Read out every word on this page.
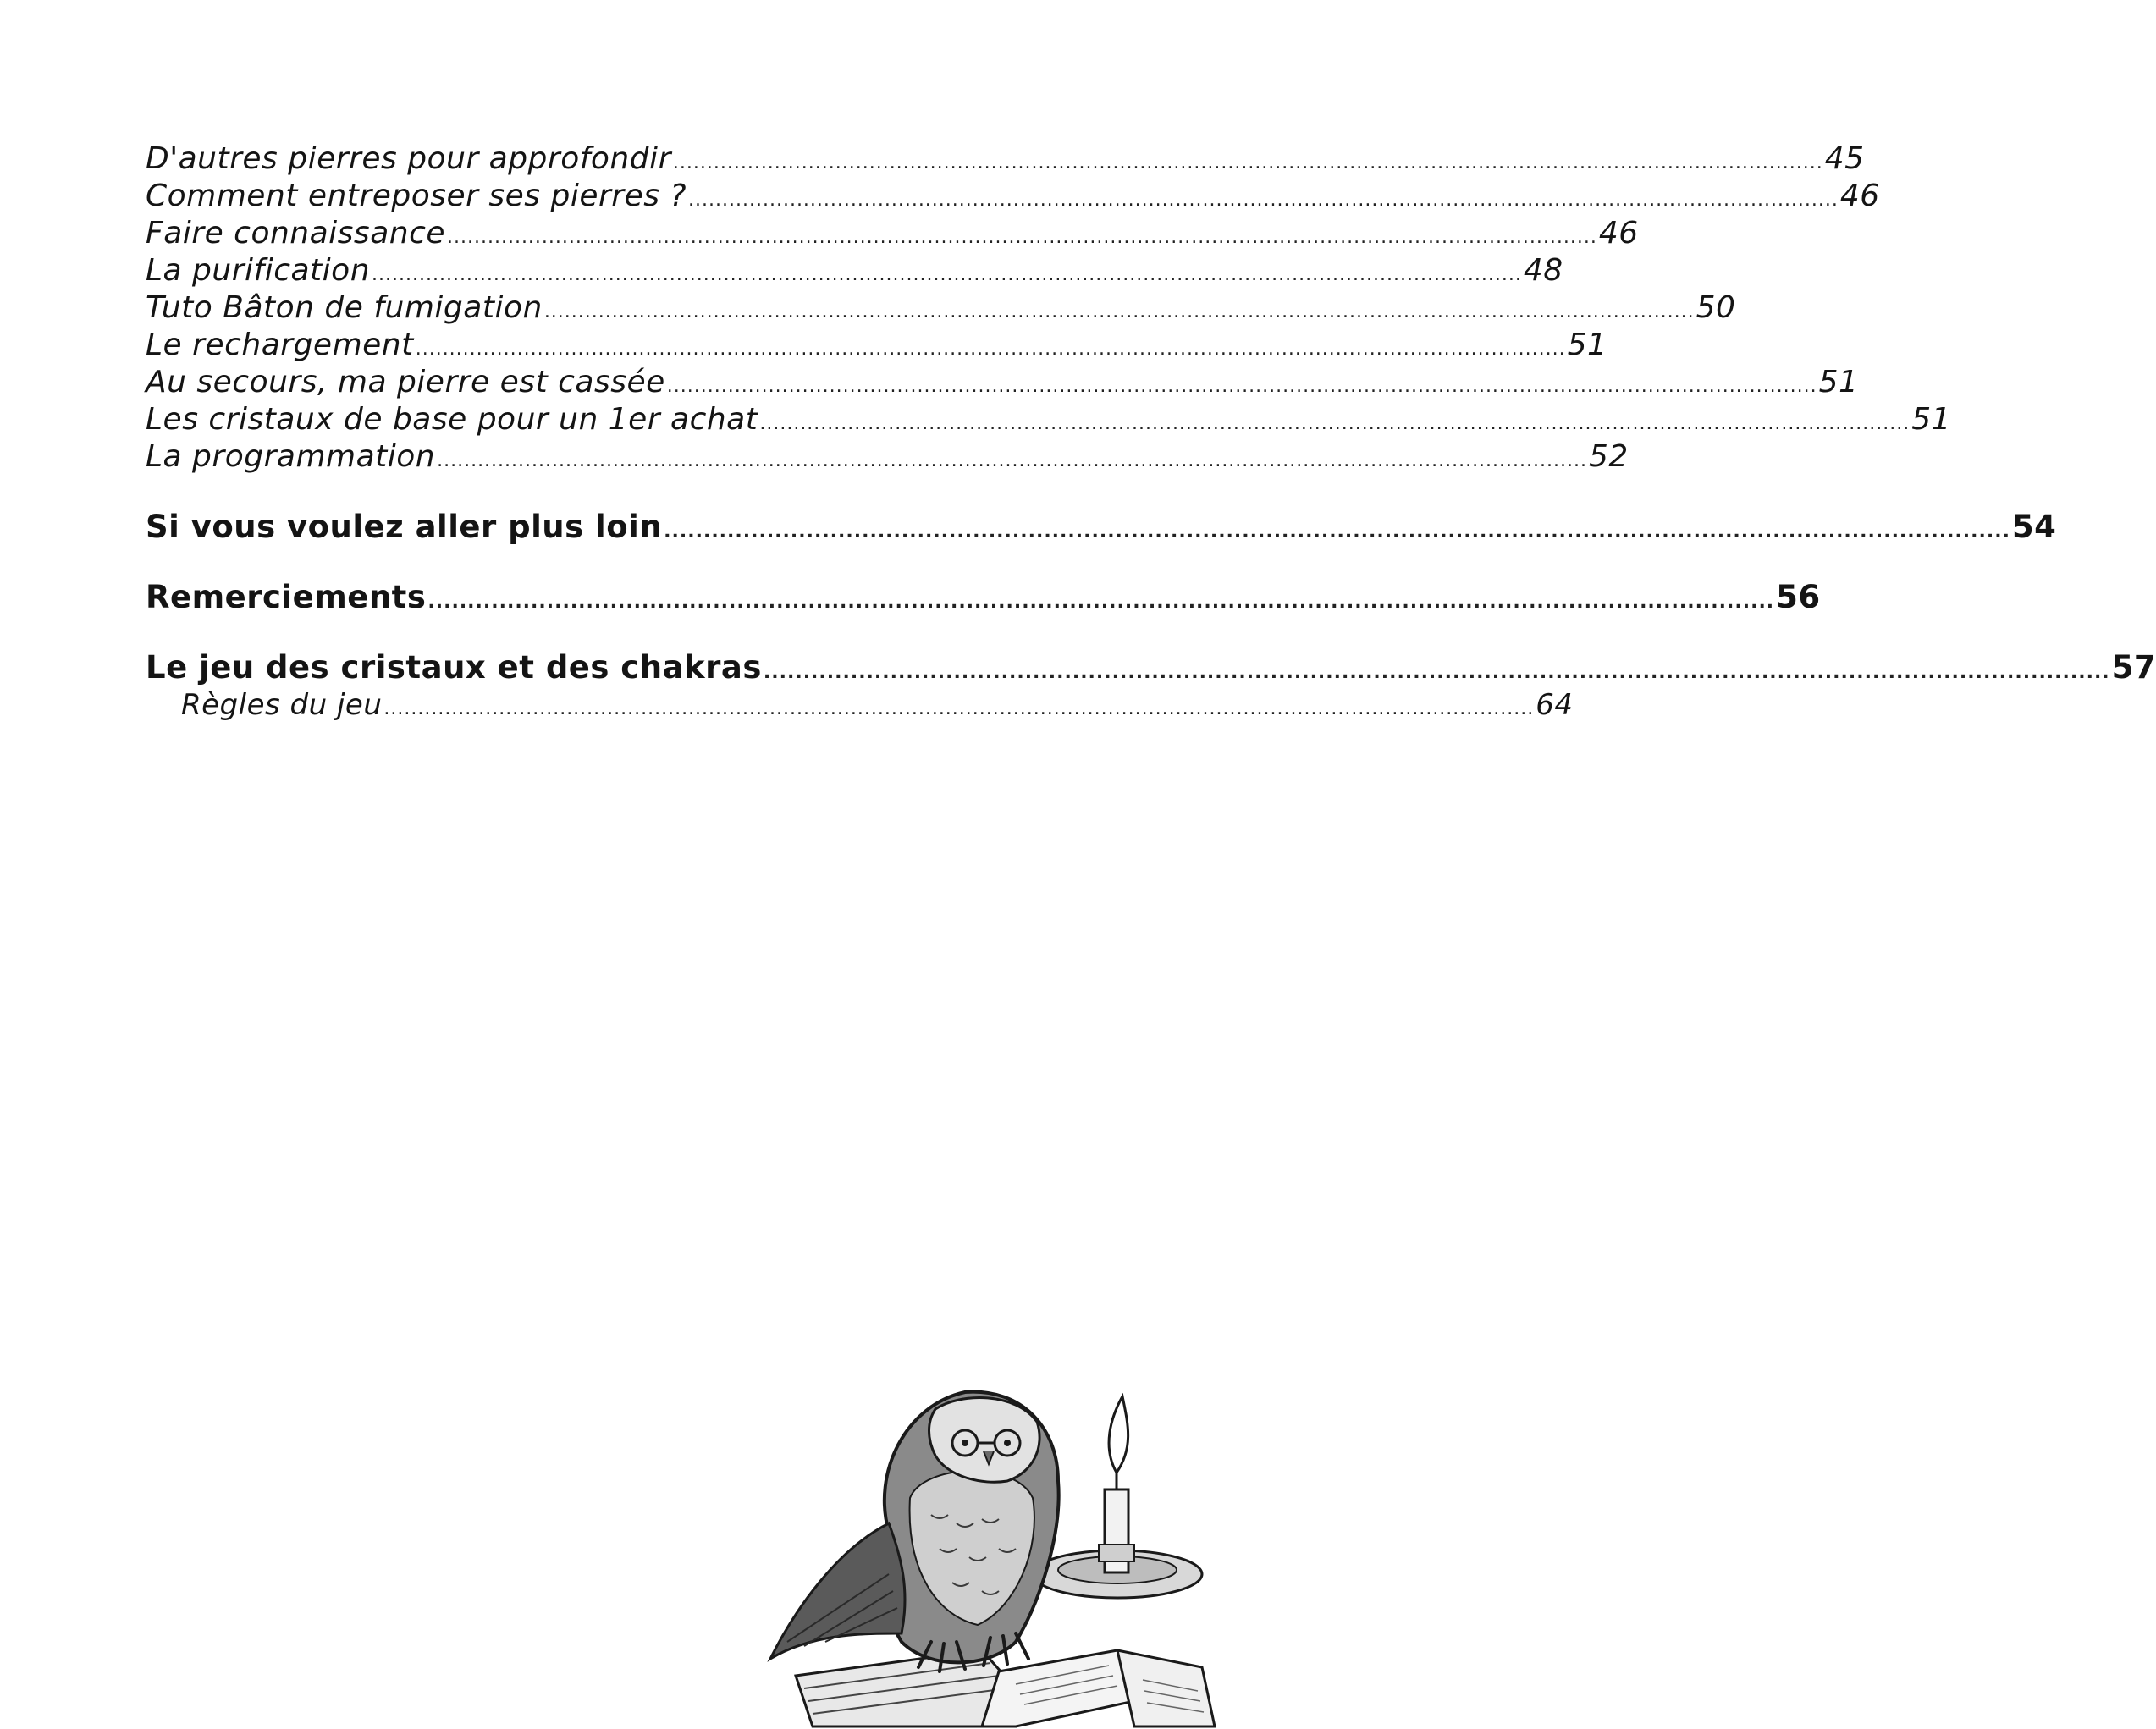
D'autres pierres pour approfondir .......................................................................................................................................................................... 45
Comment entreposer ses pierres ? .......................................................................................................................................................................... 46
Faire connaissance .......................................................................................................................................................................... 46
La purification .......................................................................................................................................................................... 48
Tuto Bâton de fumigation .......................................................................................................................................................................... 50
Le rechargement .......................................................................................................................................................................... 51
Au secours, ma pierre est cassée .......................................................................................................................................................................... 51
Les cristaux de base pour un 1er achat .......................................................................................................................................................................... 51
La programmation .......................................................................................................................................................................... 52
Si vous voulez aller plus loin .......................................................................................................................................................................... 54
Remerciements .......................................................................................................................................................................... 56
Le jeu des cristaux et des chakras .......................................................................................................................................................................... 57
Règles du jeu .......................................................................................................................................................................... 64
